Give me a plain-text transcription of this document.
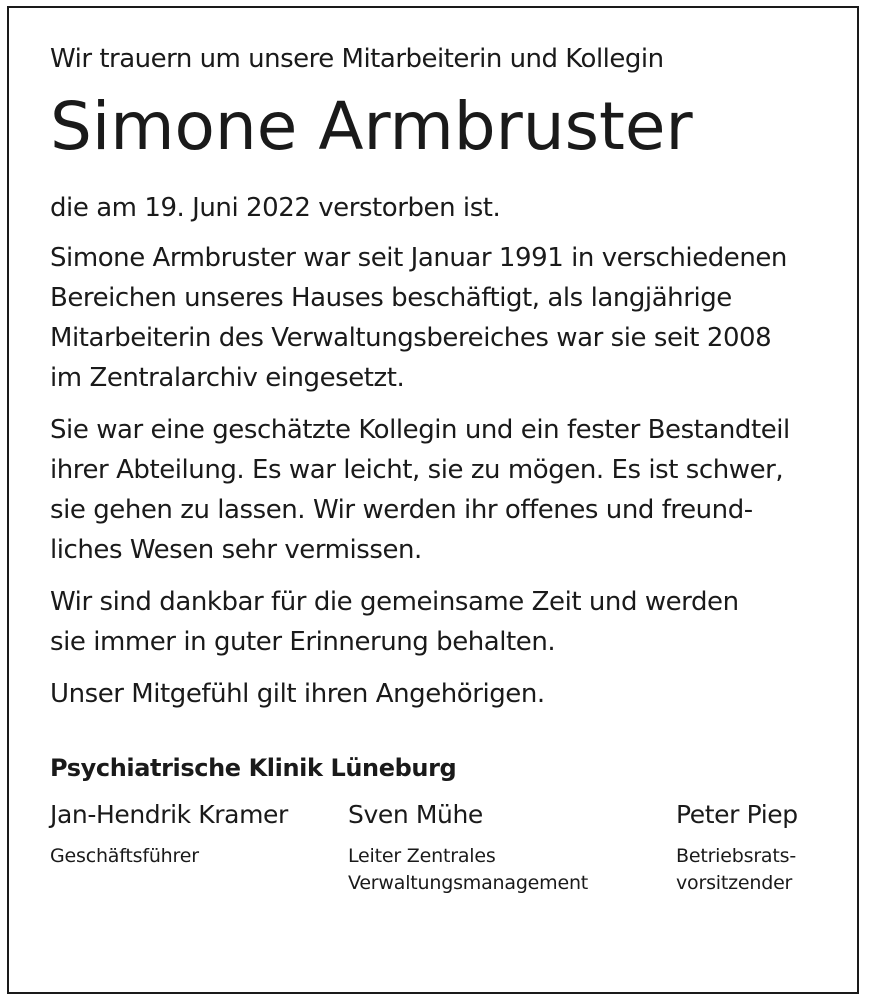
Wir trauern um unsere Mitarbeiterin und Kollegin

Simone Armbruster

die am 19. Juni 2022 verstorben ist.

Simone Armbruster war seit Januar 1991 in verschiedenen

Bereichen unseres Hauses beschäftigt, als langjährige

Mitarbeiterin des Verwaltungsbereiches war sie seit 2008

im Zentralarchiv eingesetzt.

Sie war eine geschätzte Kollegin und ein fester Bestandteil

ihrer Abteilung. Es war leicht, sie zu mögen. Es ist schwer,

sie gehen zu lassen. Wir werden ihr offenes und freund-

liches Wesen sehr vermissen.

Wir sind dankbar für die gemeinsame Zeit und werden

sie immer in guter Erinnerung behalten.

Unser Mitgefühl gilt ihren Angehörigen.

Psychiatrische Klinik Lüneburg

Jan-Hendrik Kramer

Geschäftsführer

Sven Mühe

Leiter Zentrales
Verwaltungsmanagement

Peter Piep

Betriebsrats-
vorsitzender
